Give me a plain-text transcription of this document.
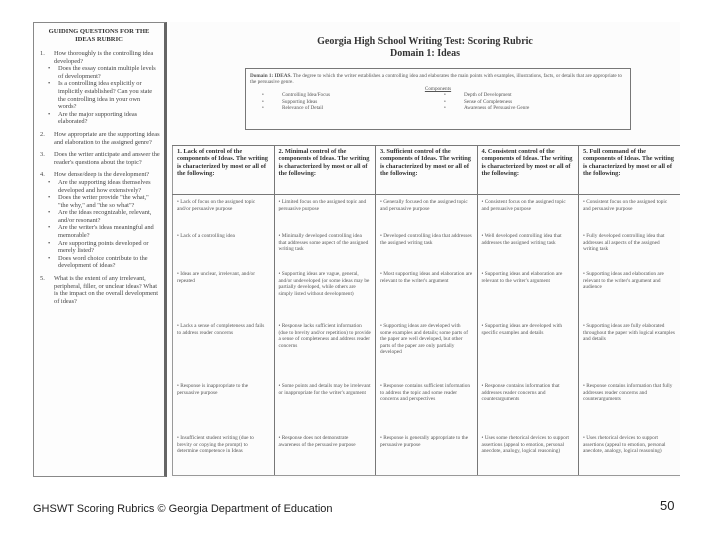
GUIDING QUESTIONS FOR THE IDEAS RUBRIC
1.	How thoroughly is the controlling idea developed?
•	Does the essay contain multiple levels of development?
•	Is a controlling idea explicitly or implicitly established? Can you state the controlling idea in your own words?
•	Are the major supporting ideas elaborated?
2.	How appropriate are the supporting ideas and elaboration to the assigned genre?
3.	Does the writer anticipate and answer the reader's questions about the topic?
4.	How dense/deep is the development?
•	Are the supporting ideas themselves developed and how extensively?
•	Does the writer provide "the what," "the why," and "the so what"?
•	Are the ideas recognizable, relevant, and/or resonant?
•	Are the writer's ideas meaningful and memorable?
•	Are supporting points developed or merely listed?
•	Does word choice contribute to the development of ideas?
5.	What is the extent of any irrelevant, peripheral, filler, or unclear ideas? What is the impact on the overall development of ideas?
Georgia High School Writing Test: Scoring Rubric
Domain 1: Ideas
Domain 1: IDEAS. The degree to which the writer establishes a controlling idea and elaborates the main points with examples, illustrations, facts, or details that are appropriate to the persuasive genre.
Components
• Controlling Idea/Focus	• Depth of Development
• Supporting Ideas	• Sense of Completeness
• Relevance of Detail	• Awareness of Persuasive Genre
1. Lack of control of the components of Ideas. The writing is characterized by most or all of the following:	2. Minimal control of the components of Ideas. The writing is characterized by most or all of the following:	3. Sufficient control of the components of Ideas. The writing is characterized by most or all of the following:	4. Consistent control of the components of Ideas. The writing is characterized by most or all of the following:	5. Full command of the components of Ideas. The writing is characterized by most or all of the following:
• Lack of focus on the assigned topic and/or persuasive purpose	• Limited focus on the assigned topic and persuasive purpose	• Generally focused on the assigned topic and persuasive purpose	• Consistent focus on the assigned topic and persuasive purpose	• Consistent focus on the assigned topic and persuasive purpose
• Lack of a controlling idea	• Minimally developed controlling idea that addresses some aspect of the assigned writing task	• Developed controlling idea that addresses the assigned writing task	• Well developed controlling idea that addresses the assigned writing task	• Fully developed controlling idea that addresses all aspects of the assigned writing task
• Ideas are unclear, irrelevant, and/or repeated	• Supporting ideas are vague, general, and/or undeveloped (or some ideas may be partially developed, while others are simply listed without development)	• Most supporting ideas and elaboration are relevant to the writer's argument	• Supporting ideas and elaboration are relevant to the writer's argument	• Supporting ideas and elaboration are relevant to the writer's argument and audience
• Lacks a sense of completeness and fails to address reader concerns	• Response lacks sufficient information (due to brevity and/or repetition) to provide a sense of completeness and address reader concerns	• Supporting ideas are developed with some examples and details; some parts of the paper are well developed, but other parts of the paper are only partially developed	• Supporting ideas are developed with specific examples and details	• Supporting ideas are fully elaborated throughout the paper with logical examples and details
• Response is inappropriate to the persuasive purpose	• Some points and details may be irrelevant or inappropriate for the writer's argument	• Response contains sufficient information to address the topic and some reader concerns and perspectives	• Response contains information that addresses reader concerns and counterarguments	• Response contains information that fully addresses reader concerns and counterarguments
• Insufficient student writing (due to brevity or copying the prompt) to determine competence in Ideas	• Response does not demonstrate awareness of the persuasive purpose	• Response is generally appropriate to the persuasive purpose	• Uses some rhetorical devices to support assertions (appeal to emotion, personal anecdote, analogy, logical reasoning)	• Uses rhetorical devices to support assertions (appeal to emotion, personal anecdote, analogy, logical reasoning)
GHSWT Scoring Rubrics © Georgia Department of Education	50
